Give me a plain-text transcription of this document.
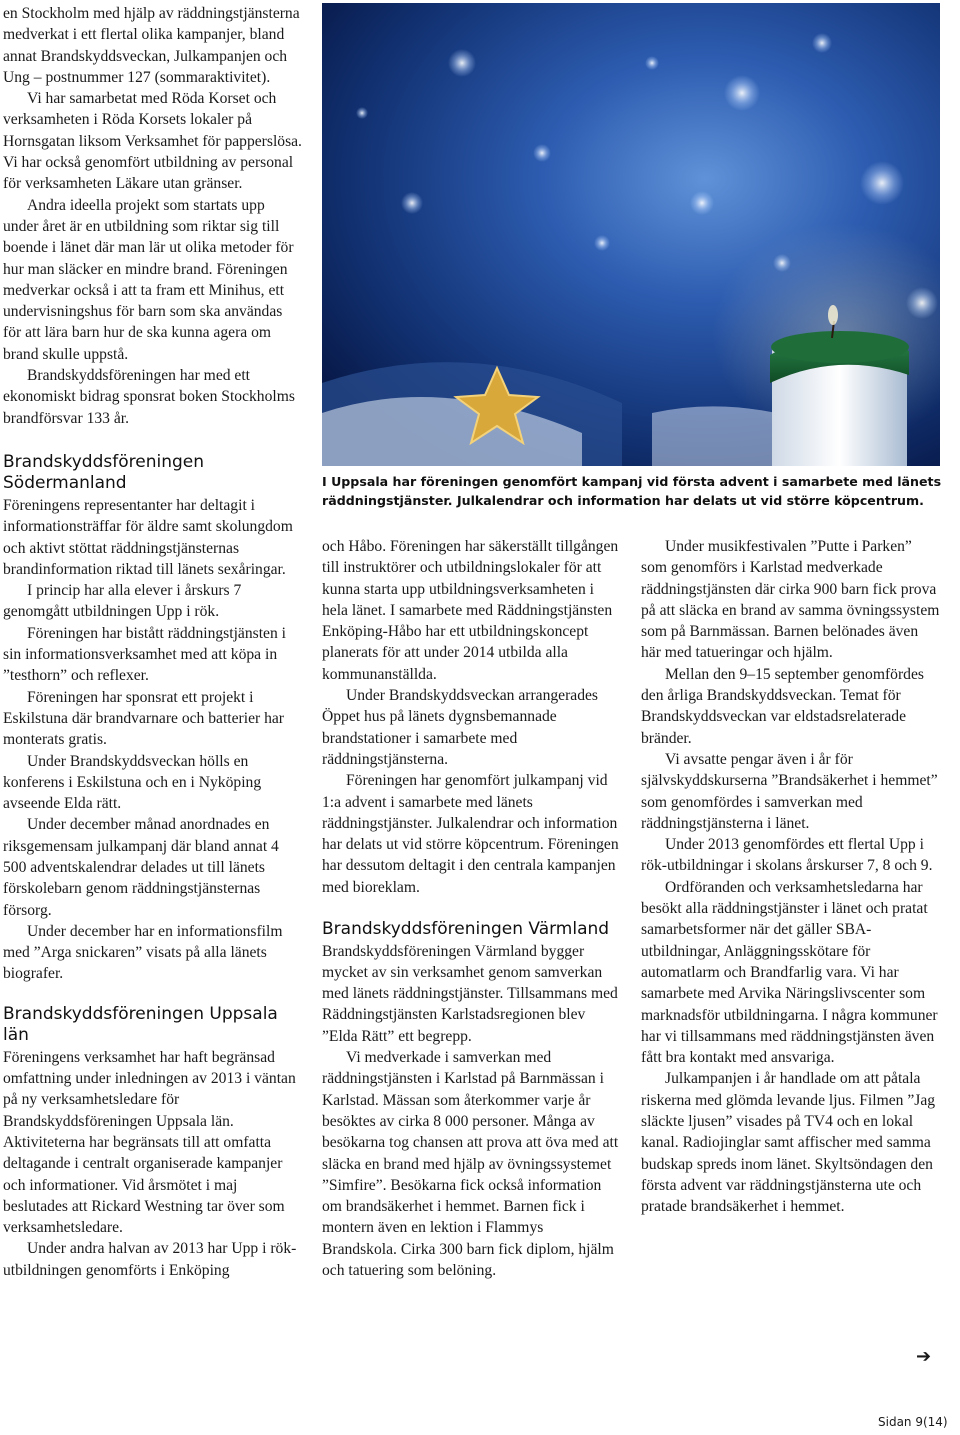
en Stockholm med hjälp av räddningstjänsterna medverkat i ett flertal olika kampanjer, bland annat Brandskyddsveckan, Julkampanjen och Ung – postnummer 127 (sommaraktivitet).

Vi har samarbetat med Röda Korset och verksamheten i Röda Korsets lokaler på Hornsgatan liksom Verksamhet för papperslösa. Vi har också genomfört utbildning av personal för verksamheten Läkare utan gränser.

Andra ideella projekt som startats upp under året är en utbildning som riktar sig till boende i länet där man lär ut olika metoder för hur man släcker en mindre brand. Föreningen medverkar också i att ta fram ett Minihus, ett undervisningshus för barn som ska användas för att lära barn hur de ska kunna agera om brand skulle uppstå.

Brandskyddsföreningen har med ett ekonomiskt bidrag sponsrat boken Stockholms brandförsvar 133 år.

Brandskyddsföreningen Södermanland

Föreningens representanter har deltagit i informationsträffar för äldre samt skolungdom och aktivt stöttat räddningstjänsternas brandinformation riktad till länets sexåringar.

I princip har alla elever i årskurs 7 genomgått utbildningen Upp i rök.

Föreningen har bistått räddningstjänsten i sin informationsverksamhet med att köpa in ”testhorn” och reflexer.

Föreningen har sponsrat ett projekt i Eskilstuna där brandvarnare och batterier har monterats gratis.

Under Brandskyddsveckan hölls en konferens i Eskilstuna och en i Nyköping avseende Elda rätt.

Under december månad anordnades en riksgemensam julkampanj där bland annat 4 500 adventskalendrar delades ut till länets förskolebarn genom räddningstjänsternas försorg.

Under december har en informationsfilm med ”Arga snickaren” visats på alla länets biografer.

Brandskyddsföreningen Uppsala län

Föreningens verksamhet har haft begränsad omfattning under inledningen av 2013 i väntan på ny verksamhetsledare för Brandskyddsföreningen Uppsala län. Aktiviteterna har begränsats till att omfatta deltagande i centralt organiserade kampanjer och informationer. Vid årsmötet i maj beslutades att Rickard Westning tar över som verksamhetsledare.

Under andra halvan av 2013 har Upp i rök-utbildningen genomförts i Enköping

I Uppsala har föreningen genomfört kampanj vid första advent i samarbete med länets räddningstjänster. Julkalendrar och information har delats ut vid större köpcentrum.

och Håbo. Föreningen har säkerställt tillgången till instruktörer och utbildningslokaler för att kunna starta upp utbildningsverksamheten i hela länet. I samarbete med Räddningstjänsten Enköping-Håbo har ett utbildningskoncept planerats för att under 2014 utbilda alla kommunanställda.

Under Brandskyddsveckan arrangerades Öppet hus på länets dygnsbemannade brandstationer i samarbete med räddningstjänsterna.

Föreningen har genomfört julkampanj vid 1:a advent i samarbete med länets räddningstjänster. Julkalendrar och information har delats ut vid större köpcentrum. Föreningen har dessutom deltagit i den centrala kampanjen med bioreklam.

Brandskyddsföreningen Värmland

Brandskyddsföreningen Värmland bygger mycket av sin verksamhet genom samverkan med länets räddningstjänster. Tillsammans med Räddningstjänsten Karlstadsregionen blev ”Elda Rätt” ett begrepp.

Vi medverkade i samverkan med räddningstjänsten i Karlstad på Barnmässan i Karlstad. Mässan som återkommer varje år besöktes av cirka 8 000 personer. Många av besökarna tog chansen att prova att öva med att släcka en brand med hjälp av övningssystemet ”Simfire”. Besökarna fick också information om brandsäkerhet i hemmet. Barnen fick i montern även en lektion i Flammys Brandskola. Cirka 300 barn fick diplom, hjälm och tatuering som belöning.

Under musikfestivalen ”Putte i Parken” som genomförs i Karlstad medverkade räddningstjänsten där cirka 900 barn fick prova på att släcka en brand av samma övningssystem som på Barnmässan. Barnen belönades även här med tatueringar och hjälm.

Mellan den 9–15 september genomfördes den årliga Brandskyddsveckan. Temat för Brandskyddsveckan var eldstadsrelaterade bränder.

Vi avsatte pengar även i år för självskyddskurserna ”Brandsäkerhet i hemmet” som genomfördes i samverkan med räddningstjänsterna i länet.

Under 2013 genomfördes ett flertal Upp i rök-utbildningar i skolans årskurser 7, 8 och 9.

Ordföranden och verksamhetsledarna har besökt alla räddningstjänster i länet och pratat samarbetsformer när det gäller SBA-utbildningar, Anläggningsskötare för automatlarm och Brandfarlig vara. Vi har samarbete med Arvika Näringslivscenter som marknadsför utbildningarna. I några kommuner har vi tillsammans med räddningstjänsten även fått bra kontakt med ansvariga.

Julkampanjen i år handlade om att påtala riskerna med glömda levande ljus. Filmen ”Jag släckte ljusen” visades på TV4 och en lokal kanal. Radiojinglar samt affischer med samma budskap spreds inom länet. Skyltsöndagen den första advent var räddningstjänsterna ute och pratade brandsäkerhet i hemmet.

➔
Sidan 9(14)
